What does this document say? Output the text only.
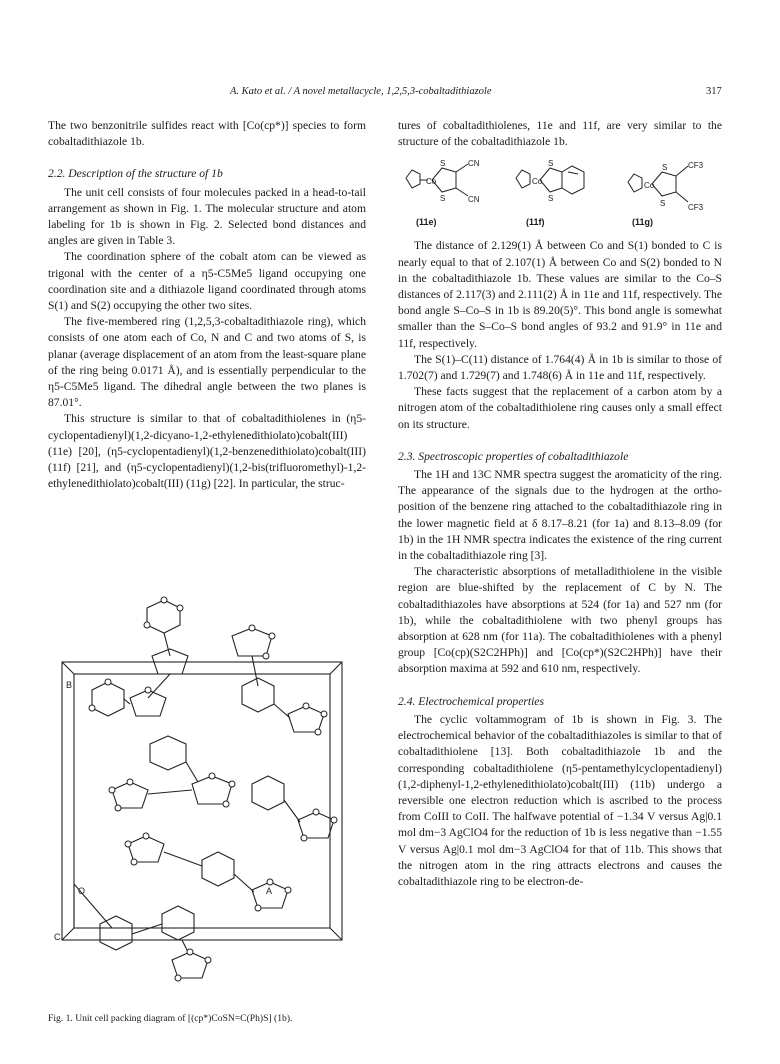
A. Kato et al. / A novel metallacycle, 1,2,5,3-cobaltadithiazole	317

The two benzonitrile sulfides react with [Co(cp*)] species to form cobaltadithiazole 1b.

2.2. Description of the structure of 1b

The unit cell consists of four molecules packed in a head-to-tail arrangement as shown in Fig. 1. The molecular structure and atom labeling for 1b is shown in Fig. 2. Selected bond distances and angles are given in Table 3.

The coordination sphere of the cobalt atom can be viewed as trigonal with the center of a η5-C5Me5 ligand occupying one coordination site and a dithiazole ligand coordinated through atoms S(1) and S(2) occupying the other two sites.

The five-membered ring (1,2,5,3-cobaltadithiazole ring), which consists of one atom each of Co, N and C and two atoms of S, is planar (average displacement of an atom from the least-square plane of the ring being 0.0171 Å), and is essentially perpendicular to the η5-C5Me5 ligand. The dihedral angle between the two planes is 87.01°.

This structure is similar to that of cobaltadithiolenes in (η5-cyclopentadienyl)(1,2-dicyano-1,2-ethylenedithiolato)cobalt(III) (11e) [20], (η5-cyclopentadienyl)(1,2-benzenedithiolato)cobalt(III) (11f) [21], and (η5-cyclopentadienyl)(1,2-bis(trifluoromethyl)-1,2-ethylenedithiolato)cobalt(III) (11g) [22]. In particular, the struc-

B
C
O	A
Fig. 1. Unit cell packing diagram of [(cp*)CoSN=C(Ph)S] (1b).

tures of cobaltadithiolenes, 11e and 11f, are very similar to the structure of the cobaltadithiazole 1b.

Co
S
S
CN
CN
Co
S
S
Co
S
S
CF3
CF3
(11e)	(11f)	(11g)

The distance of 2.129(1) Å between Co and S(1) bonded to C is nearly equal to that of 2.107(1) Å between Co and S(2) bonded to N in the cobaltadithiazole 1b. These values are similar to the Co–S distances of 2.117(3) and 2.111(2) Å in 11e and 11f, respectively. The bond angle S–Co–S in 1b is 89.20(5)°. This bond angle is somewhat smaller than the S–Co–S bond angles of 93.2 and 91.9° in 11e and 11f, respectively.

The S(1)–C(11) distance of 1.764(4) Å in 1b is similar to those of 1.702(7) and 1.729(7) and 1.748(6) Å in 11e and 11f, respectively.

These facts suggest that the replacement of a carbon atom by a nitrogen atom of the cobaltadithiolene ring causes only a small effect on its structure.

2.3. Spectroscopic properties of cobaltadithiazole

The 1H and 13C NMR spectra suggest the aromaticity of the ring. The appearance of the signals due to the hydrogen at the ortho-position of the benzene ring attached to the cobaltadithiazole ring in the lower magnetic field at δ 8.17–8.21 (for 1a) and 8.13–8.09 (for 1b) in the 1H NMR spectra indicates the existence of the ring current in the cobaltadithiazole ring [3].

The characteristic absorptions of metalladithiolene in the visible region are blue-shifted by the replacement of C by N. The cobaltadithiazoles have absorptions at 524 (for 1a) and 527 nm (for 1b), while the cobaltadithiolene with two phenyl groups has absorption at 628 nm (for 11a). The cobaltadithiolenes with a phenyl group [Co(cp)(S2C2HPh)] and [Co(cp*)(S2C2HPh)] have their absorption maxima at 592 and 610 nm, respectively.

2.4. Electrochemical properties

The cyclic voltammogram of 1b is shown in Fig. 3. The electrochemical behavior of the cobaltadithiazoles is similar to that of cobaltadithiolene [13]. Both cobaltadithiazole 1b and the corresponding cobaltadithiolene (η5-pentamethylcyclopentadienyl)(1,2-diphenyl-1,2-ethylenedithiolato)cobalt(III) (11b) undergo a reversible one electron reduction which is ascribed to the process from CoIII to CoII. The halfwave potential of −1.34 V versus Ag|0.1 mol dm−3 AgClO4 for the reduction of 1b is less negative than −1.55 V versus Ag|0.1 mol dm−3 AgClO4 for that of 11b. This shows that the nitrogen atom in the ring attracts electrons and causes the cobaltadithiazole ring to be electron-de-
